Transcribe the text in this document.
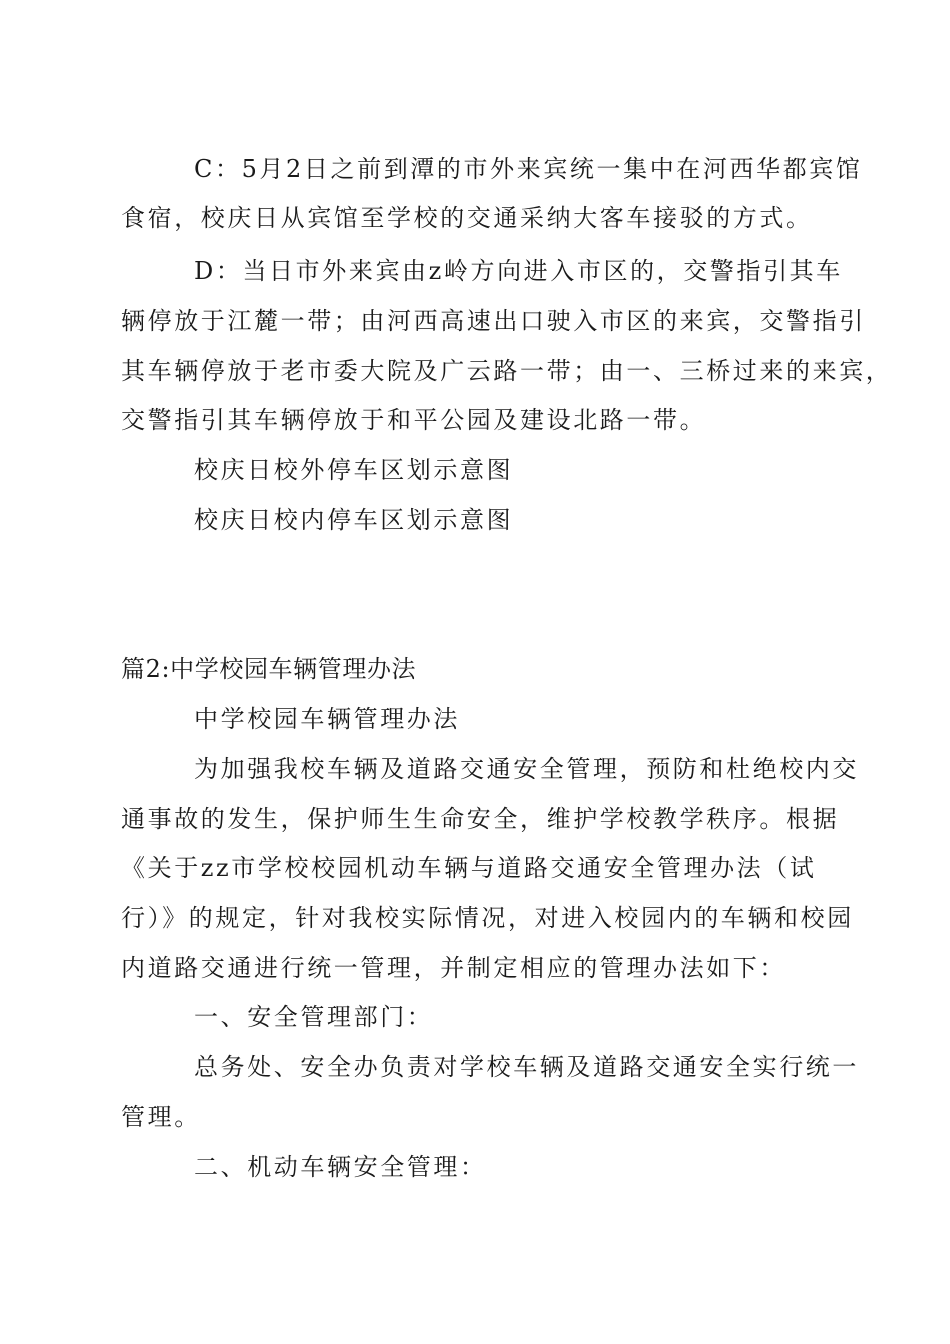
C：5月2日之前到潭的市外来宾统一集中在河西华都宾馆
食宿，校庆日从宾馆至学校的交通采纳大客车接驳的方式。
D：当日市外来宾由z岭方向进入市区的，交警指引其车
辆停放于江麓一带；由河西高速出口驶入市区的来宾，交警指引
其车辆停放于老市委大院及广云路一带；由一、三桥过来的来宾，
交警指引其车辆停放于和平公园及建设北路一带。
校庆日校外停车区划示意图
校庆日校内停车区划示意图
篇2:中学校园车辆管理办法
中学校园车辆管理办法
为加强我校车辆及道路交通安全管理，预防和杜绝校内交
通事故的发生，保护师生生命安全，维护学校教学秩序。根据
《关于zz市学校校园机动车辆与道路交通安全管理办法（试
行）》的规定，针对我校实际情况，对进入校园内的车辆和校园
内道路交通进行统一管理，并制定相应的管理办法如下：
一、安全管理部门：
总务处、安全办负责对学校车辆及道路交通安全实行统一
管理。
二、机动车辆安全管理：
